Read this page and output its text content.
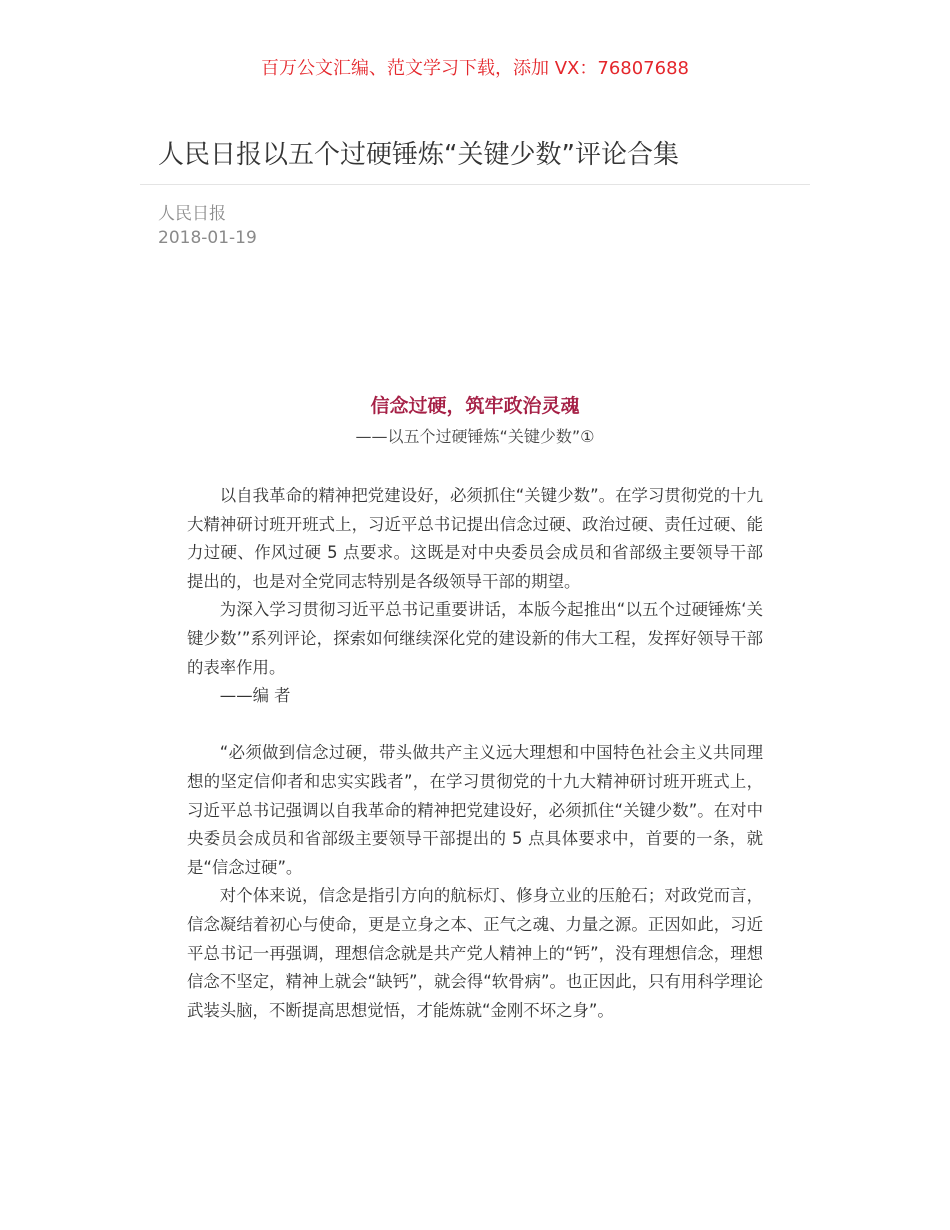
百万公文汇编、范文学习下载，添加 VX：76807688
人民日报以五个过硬锤炼“关键少数”评论合集
人民日报
2018-01-19
信念过硬，筑牢政治灵魂
——以五个过硬锤炼“关键少数”①

以自我革命的精神把党建设好，必须抓住“关键少数”。在学习贯彻党的十九大精神研讨班开班式上，习近平总书记提出信念过硬、政治过硬、责任过硬、能力过硬、作风过硬 5 点要求。这既是对中央委员会成员和省部级主要领导干部提出的，也是对全党同志特别是各级领导干部的期望。

为深入学习贯彻习近平总书记重要讲话，本版今起推出“以五个过硬锤炼‘关键少数’”系列评论，探索如何继续深化党的建设新的伟大工程，发挥好领导干部的表率作用。

——编 者

“必须做到信念过硬，带头做共产主义远大理想和中国特色社会主义共同理想的坚定信仰者和忠实实践者”，在学习贯彻党的十九大精神研讨班开班式上，习近平总书记强调以自我革命的精神把党建设好，必须抓住“关键少数”。在对中央委员会成员和省部级主要领导干部提出的 5 点具体要求中，首要的一条，就是“信念过硬”。

对个体来说，信念是指引方向的航标灯、修身立业的压舱石；对政党而言，信念凝结着初心与使命，更是立身之本、正气之魂、力量之源。正因如此，习近平总书记一再强调，理想信念就是共产党人精神上的“钙”，没有理想信念，理想信念不坚定，精神上就会“缺钙”，就会得“软骨病”。也正因此，只有用科学理论武装头脑，不断提高思想觉悟，才能炼就“金刚不坏之身”。
